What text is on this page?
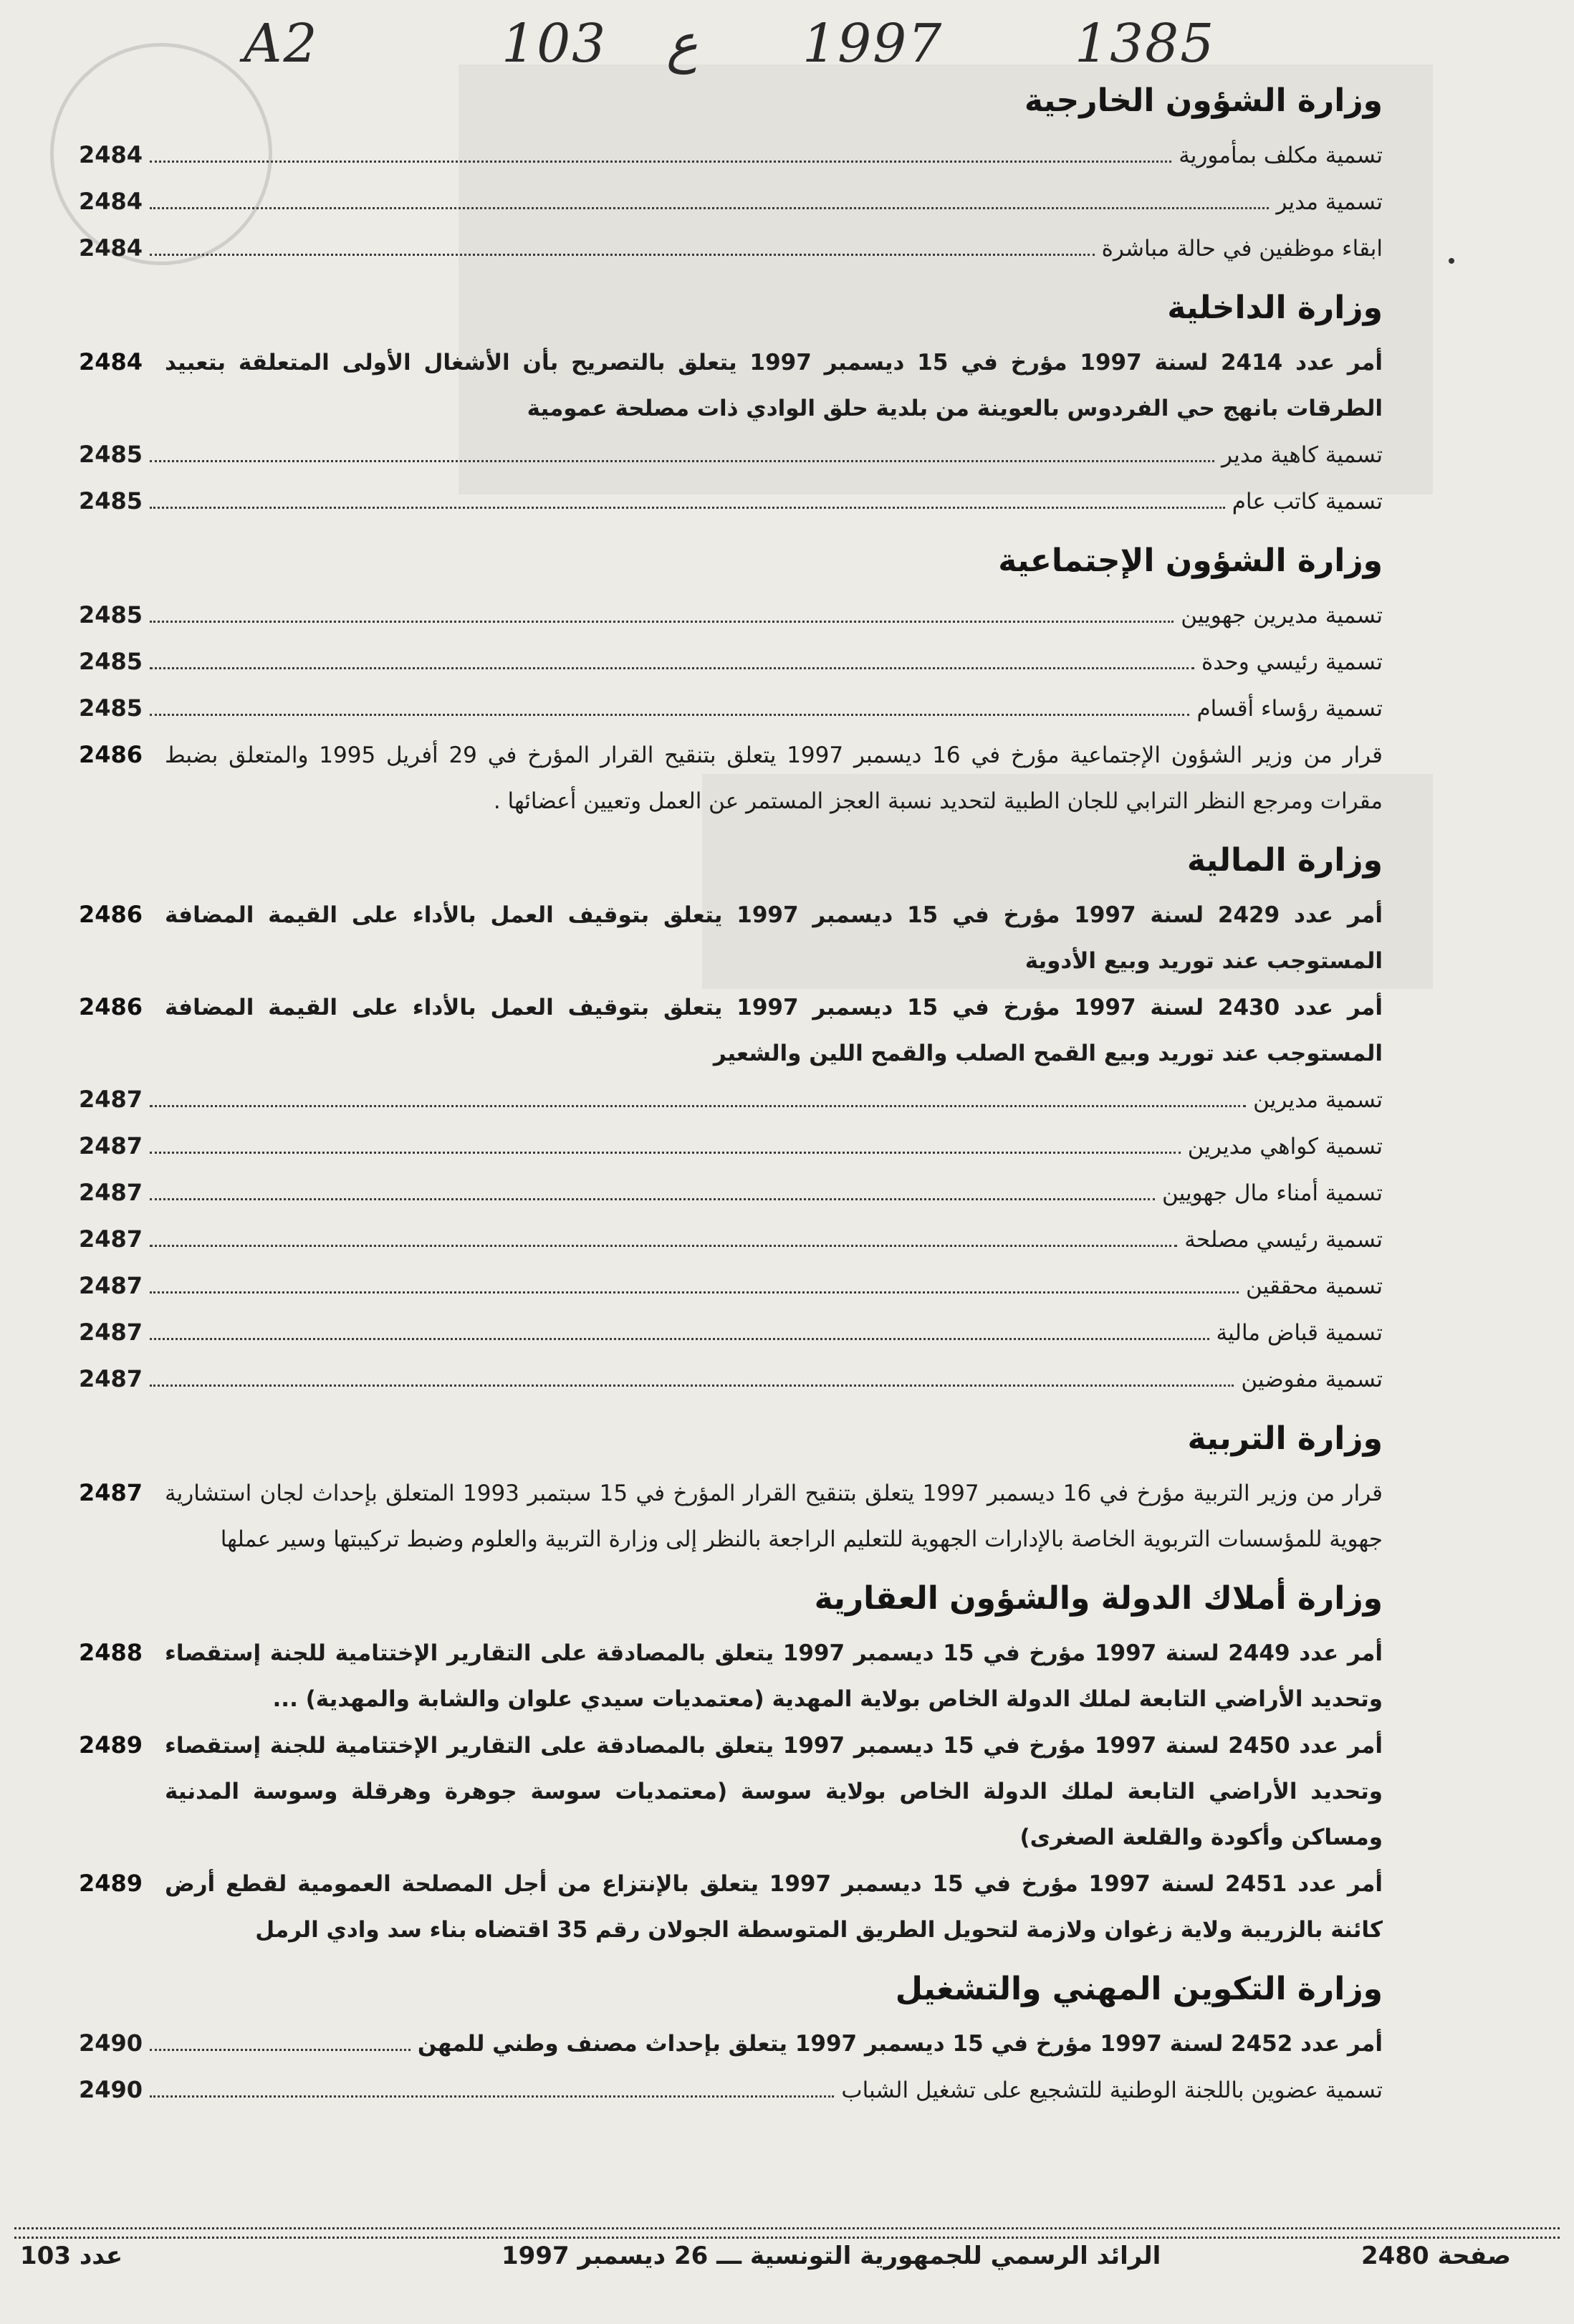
A2	103 ع 1997 1385
وزارة الشؤون الخارجية
تسمية مكلف بمأمورية
2484
تسمية مدير
2484
ابقاء موظفين في حالة مباشرة
2484
وزارة الداخلية
أمر عدد 2414 لسنة 1997 مؤرخ في 15 ديسمبر 1997 يتعلق بالتصريح بأن الأشغال الأولى المتعلقة بتعبيد الطرقات بانهج حي الفردوس بالعوينة من بلدية حلق الوادي ذات مصلحة عمومية
2484
تسمية كاهية مدير
2485
تسمية كاتب عام
2485
وزارة الشؤون الإجتماعية
تسمية مديرين جهويين
2485
تسمية رئيسي وحدة
2485
تسمية رؤساء أقسام
2485
قرار من وزير الشؤون الإجتماعية مؤرخ في 16 ديسمبر 1997 يتعلق بتنقيح القرار المؤرخ في 29 أفريل 1995 والمتعلق بضبط مقرات ومرجع النظر الترابي للجان الطبية لتحديد نسبة العجز المستمر عن العمل وتعيين أعضائها .
2486
وزارة المالية
أمر عدد 2429 لسنة 1997 مؤرخ في 15 ديسمبر 1997 يتعلق بتوقيف العمل بالأداء على القيمة المضافة المستوجب عند توريد وبيع الأدوية
2486
أمر عدد 2430 لسنة 1997 مؤرخ في 15 ديسمبر 1997 يتعلق بتوقيف العمل بالأداء على القيمة المضافة المستوجب عند توريد وبيع القمح الصلب والقمح اللين والشعير
2486
تسمية مديرين
2487
تسمية كواهي مديرين
2487
تسمية أمناء مال جهويين
2487
تسمية رئيسي مصلحة
2487
تسمية محققين
2487
تسمية قباض مالية
2487
تسمية مفوضين
2487
وزارة التربية
قرار من وزير التربية مؤرخ في 16 ديسمبر 1997 يتعلق بتنقيح القرار المؤرخ في 15 سبتمبر 1993 المتعلق بإحداث لجان استشارية جهوية للمؤسسات التربوية الخاصة بالإدارات الجهوية للتعليم الراجعة بالنظر إلى وزارة التربية والعلوم وضبط تركيبتها وسير عملها
2487
وزارة أملاك الدولة والشؤون العقارية
أمر عدد 2449 لسنة 1997 مؤرخ في 15 ديسمبر 1997 يتعلق بالمصادقة على التقارير الإختتامية للجنة إستقصاء وتحديد الأراضي التابعة لملك الدولة الخاص بولاية المهدية (معتمديات سيدي علوان والشابة والمهدية) ...
2488
أمر عدد 2450 لسنة 1997 مؤرخ في 15 ديسمبر 1997 يتعلق بالمصادقة على التقارير الإختتامية للجنة إستقصاء وتحديد الأراضي التابعة لملك الدولة الخاص بولاية سوسة (معتمديات سوسة جوهرة وهرقلة وسوسة المدنية ومساكن وأكودة والقلعة الصغرى)
2489
أمر عدد 2451 لسنة 1997 مؤرخ في 15 ديسمبر 1997 يتعلق بالإنتزاع من أجل المصلحة العمومية لقطع أرض كائنة بالزريبة ولاية زغوان ولازمة لتحويل الطريق المتوسطة الجولان رقم 35 اقتضاه بناء سد وادي الرمل
2489
وزارة التكوين المهني والتشغيل
أمر عدد 2452 لسنة 1997 مؤرخ في 15 ديسمبر 1997 يتعلق بإحداث مصنف وطني للمهن
2490
تسمية عضوين باللجنة الوطنية للتشجيع على تشغيل الشباب
2490
صفحة 2480
الرائد الرسمي للجمهورية التونسية ـــ 26 ديسمبر 1997
عدد 103
